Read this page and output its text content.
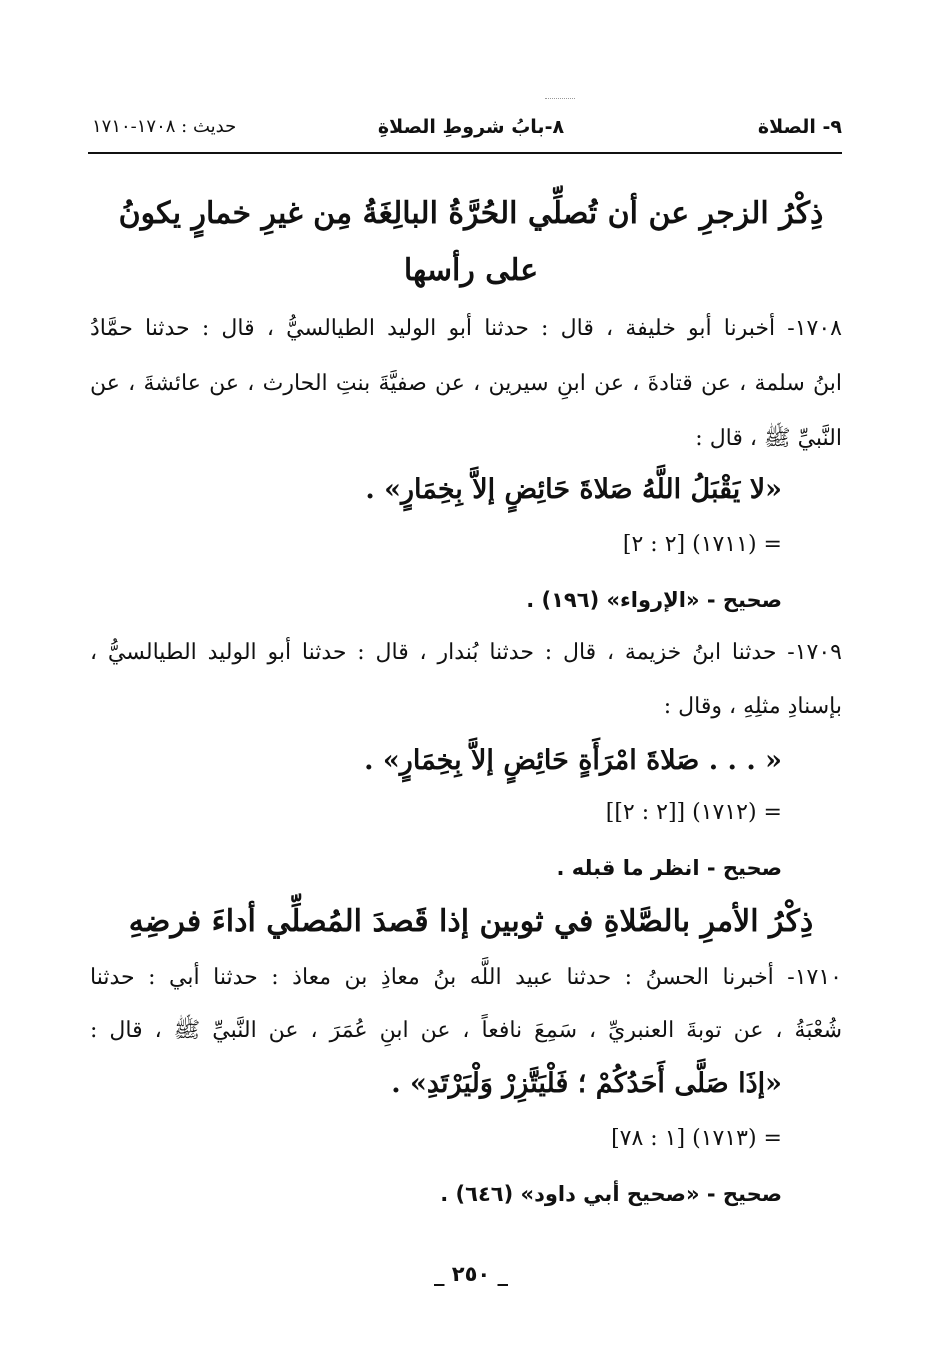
٩- الصلاة
٨-بابُ شروطِ الصلاةِ
حديث : ١٧٠٨-١٧١٠
ذِكْرُ الزجرِ عن أن تُصلِّي الحُرَّةُ البالِغَةُ مِن غيرِ خمارٍ يكونُ
على رأسها
١٧٠٨- أخبرنا أبو خليفة ، قال : حدثنا أبو الوليد الطيالسيُّ ، قال : حدثنا حمَّادُ
ابنُ سلمة ، عن قتادةَ ، عن ابنِ سيرين ، عن صفيَّةَ بنتِ الحارث ، عن عائشةَ ، عن
النَّبيِّ ﷺ ، قال :
«لا يَقْبَلُ اللَّهُ صَلاةَ حَائِضٍ إلاَّ بِخِمَارٍ» .
= (١٧١١) [٢ : ٢]
صحيح - «الإرواء» (١٩٦) .
١٧٠٩- حدثنا ابنُ خزيمة ، قال : حدثنا بُندار ، قال : حدثنا أبو الوليد الطيالسيُّ ،
بإسنادِ مثلِهِ ، وقال :
« . . . صَلاةَ امْرَأَةٍ حَائِضٍ إلاَّ بِخِمَارٍ» .
= (١٧١٢) [[٢ : ٢]]
صحيح - انظر ما قبله .
ذِكْرُ الأمرِ بالصَّلاةِ في ثوبين إذا قَصدَ المُصلِّي أداءَ فرضِهِ
١٧١٠- أخبرنا الحسنُ : حدثنا عبيد اللَّه بنُ معاذِ بن معاذ : حدثنا أبي : حدثنا
شُعْبَةُ ، عن توبةَ العنبريِّ ، سَمِعَ نافعاً ، عن ابنِ عُمَرَ ، عن النَّبيِّ ﷺ ، قال :
«إذَا صَلَّى أَحَدُكُمْ ؛ فَلْيَتَّزِرْ وَلْيَرْتَدِ» .
= (١٧١٣) [١ : ٧٨]
صحيح - «صحيح أبي داود» (٦٤٦) .
_ ٢٥٠ _
